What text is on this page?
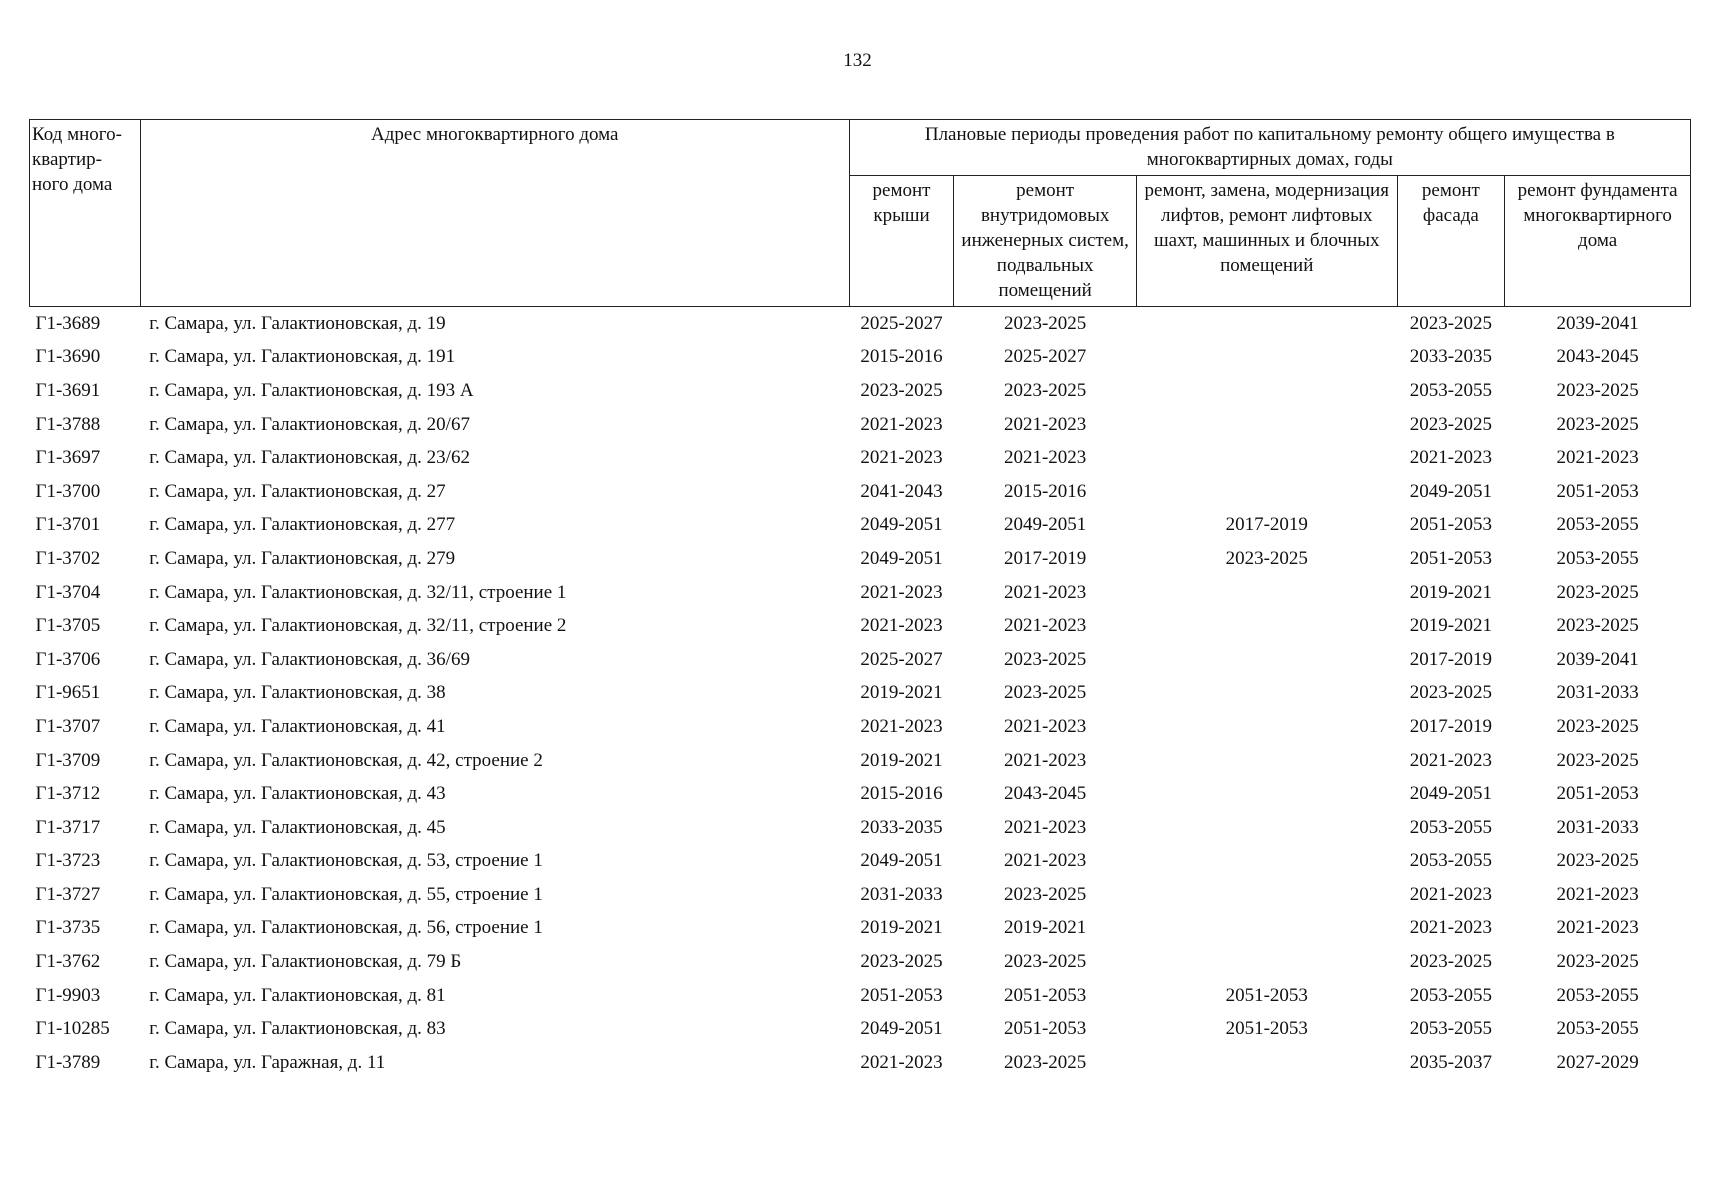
132
Код много-квартир-ного дома	Адрес многоквартирного дома	Плановые периоды проведения работ по капитальному ремонту общего имущества в многоквартирных домах, годы				
		ремонт крыши	ремонт внутридомовых инженерных систем, подвальных помещений	ремонт, замена, модернизация лифтов, ремонт лифтовых шахт, машинных и блочных помещений	ремонт фасада	ремонт фундамента многоквартирного дома
Г1-3689	г. Самара, ул. Галактионовская, д. 19	2025-2027	2023-2025		2023-2025	2039-2041
Г1-3690	г. Самара, ул. Галактионовская, д. 191	2015-2016	2025-2027		2033-2035	2043-2045
Г1-3691	г. Самара, ул. Галактионовская, д. 193 А	2023-2025	2023-2025		2053-2055	2023-2025
Г1-3788	г. Самара, ул. Галактионовская, д. 20/67	2021-2023	2021-2023		2023-2025	2023-2025
Г1-3697	г. Самара, ул. Галактионовская, д. 23/62	2021-2023	2021-2023		2021-2023	2021-2023
Г1-3700	г. Самара, ул. Галактионовская, д. 27	2041-2043	2015-2016		2049-2051	2051-2053
Г1-3701	г. Самара, ул. Галактионовская, д. 277	2049-2051	2049-2051	2017-2019	2051-2053	2053-2055
Г1-3702	г. Самара, ул. Галактионовская, д. 279	2049-2051	2017-2019	2023-2025	2051-2053	2053-2055
Г1-3704	г. Самара, ул. Галактионовская, д. 32/11, строение 1	2021-2023	2021-2023		2019-2021	2023-2025
Г1-3705	г. Самара, ул. Галактионовская, д. 32/11, строение 2	2021-2023	2021-2023		2019-2021	2023-2025
Г1-3706	г. Самара, ул. Галактионовская, д. 36/69	2025-2027	2023-2025		2017-2019	2039-2041
Г1-9651	г. Самара, ул. Галактионовская, д. 38	2019-2021	2023-2025		2023-2025	2031-2033
Г1-3707	г. Самара, ул. Галактионовская, д. 41	2021-2023	2021-2023		2017-2019	2023-2025
Г1-3709	г. Самара, ул. Галактионовская, д. 42, строение 2	2019-2021	2021-2023		2021-2023	2023-2025
Г1-3712	г. Самара, ул. Галактионовская, д. 43	2015-2016	2043-2045		2049-2051	2051-2053
Г1-3717	г. Самара, ул. Галактионовская, д. 45	2033-2035	2021-2023		2053-2055	2031-2033
Г1-3723	г. Самара, ул. Галактионовская, д. 53, строение 1	2049-2051	2021-2023		2053-2055	2023-2025
Г1-3727	г. Самара, ул. Галактионовская, д. 55, строение 1	2031-2033	2023-2025		2021-2023	2021-2023
Г1-3735	г. Самара, ул. Галактионовская, д. 56, строение 1	2019-2021	2019-2021		2021-2023	2021-2023
Г1-3762	г. Самара, ул. Галактионовская, д. 79 Б	2023-2025	2023-2025		2023-2025	2023-2025
Г1-9903	г. Самара, ул. Галактионовская, д. 81	2051-2053	2051-2053	2051-2053	2053-2055	2053-2055
Г1-10285	г. Самара, ул. Галактионовская, д. 83	2049-2051	2051-2053	2051-2053	2053-2055	2053-2055
Г1-3789	г. Самара, ул. Гаражная, д. 11	2021-2023	2023-2025		2035-2037	2027-2029
